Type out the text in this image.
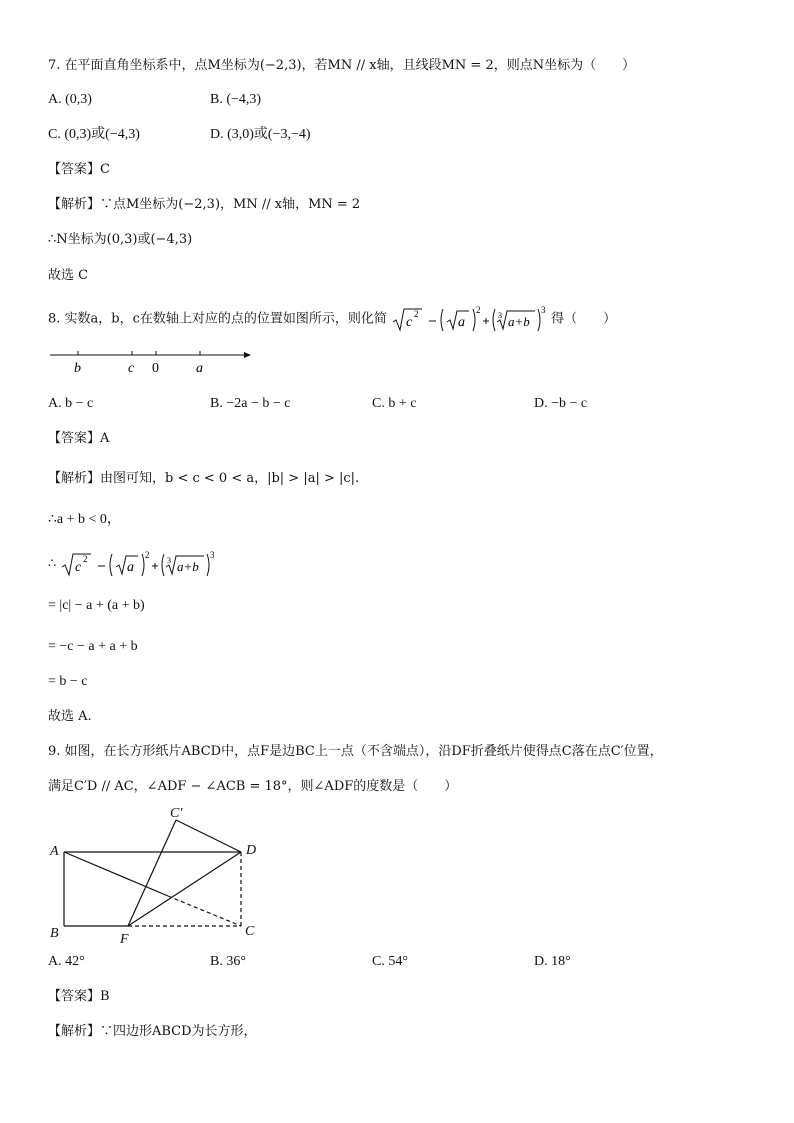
7. 在平面直角坐标系中，点M坐标为(−2,3)，若MN // x轴，且线段MN = 2，则点N坐标为（　　）
A. (0,3)	B. (−4,3)
C. (0,3)或(−4,3)	D. (3,0)或(−3,−4)
【答案】C
【解析】∵点M坐标为(−2,3)，MN // x轴，MN = 2
∴N坐标为(0,3)或(−4,3)
故选 C
8. 实数a，b，c在数轴上对应的点的位置如图所示，则化简 c
2
a
2
3 a+b
3
得（　　）
b	c 0	a
A. b − c	B. −2a − b − c	C. b + c	D. −b − c
【答案】A
【解析】由图可知，b < c < 0 < a，|b| > |a| > |c|.
∴a + b < 0，
∴ c
2
a
2
3 a+b
3
= |c| − a + (a + b)
= −c − a + a + b
= b − c
故选 A.
9. 如图，在长方形纸片ABCD中，点F是边BC上一点（不含端点），沿DF折叠纸片使得点C落在点C′位置，
满足C′D // AC，∠ADF − ∠ACB = 18°，则∠ADF的度数是（　　）
A
B	C
D
C′
F
A. 42°	B. 36°	C. 54°	D. 18°
【答案】B
【解析】∵四边形ABCD为长方形，
